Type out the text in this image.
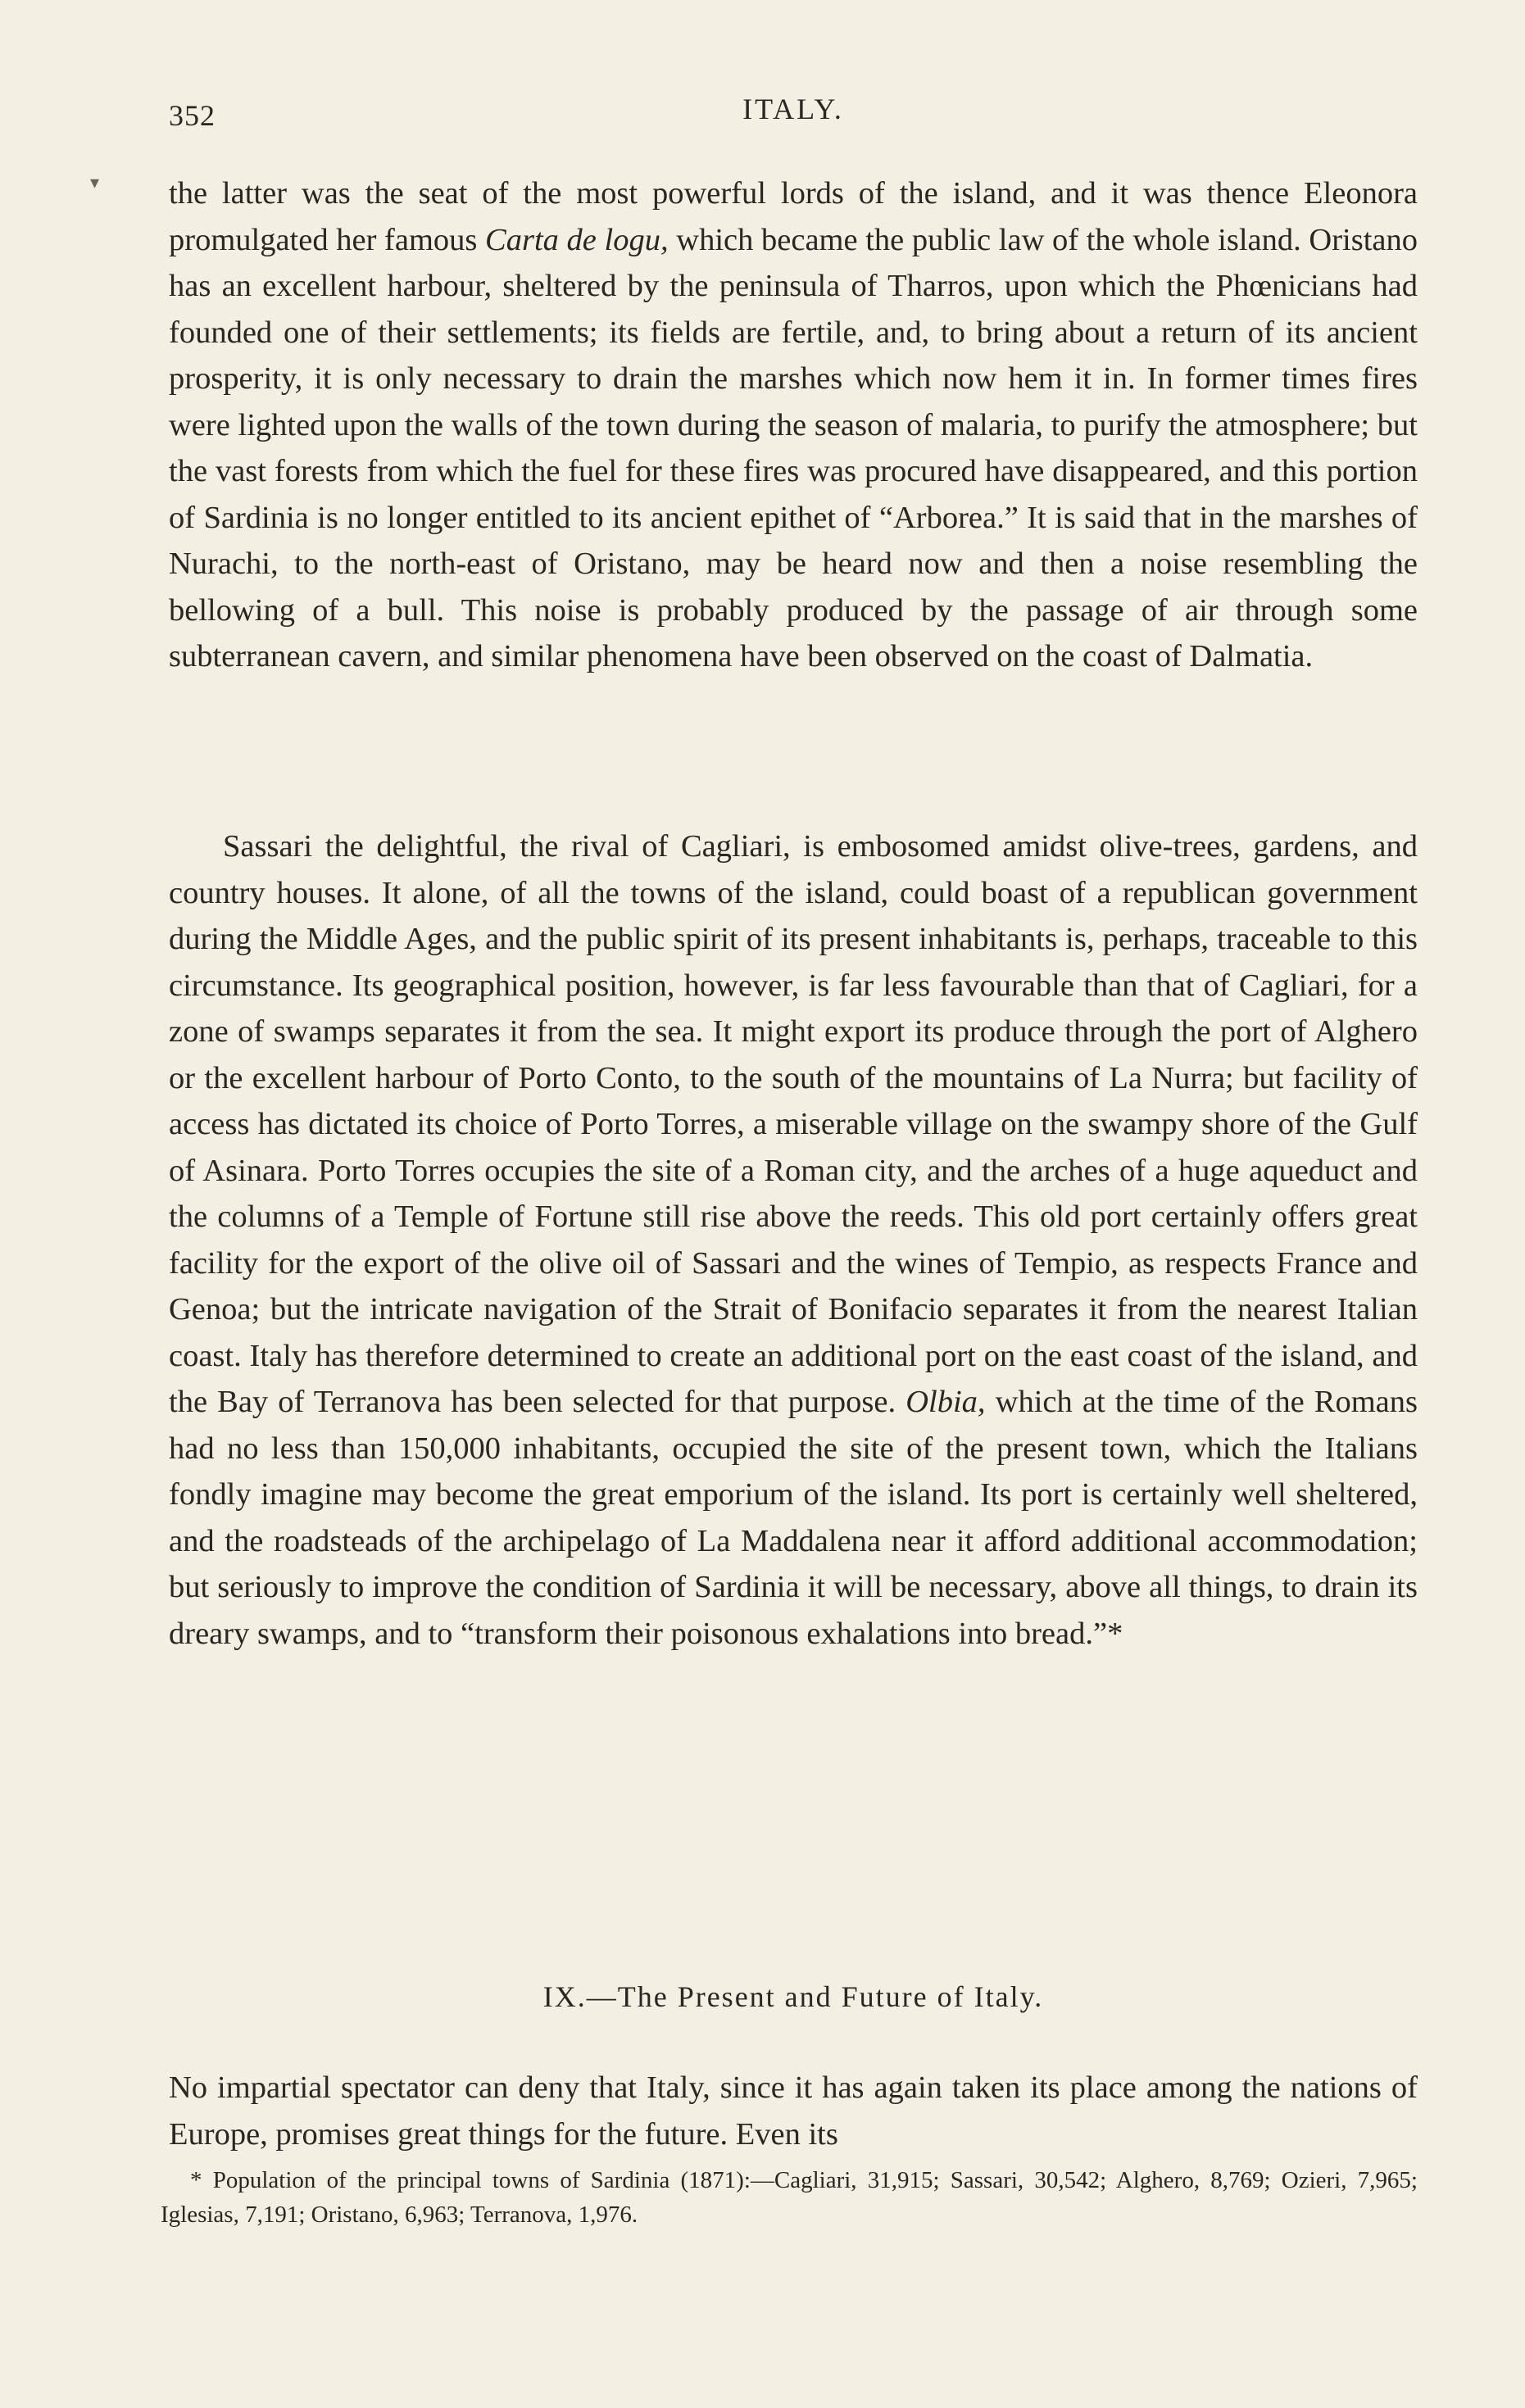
352	ITALY.
▾ the latter was the seat of the most powerful lords of the island, and it was thence Eleonora promulgated her famous Carta de logu, which became the public law of the whole island. Oristano has an excellent harbour, sheltered by the peninsula of Tharros, upon which the Phœnicians had founded one of their settlements; its fields are fertile, and, to bring about a return of its ancient prosperity, it is only necessary to drain the marshes which now hem it in. In former times fires were lighted upon the walls of the town during the season of malaria, to purify the atmosphere; but the vast forests from which the fuel for these fires was procured have disappeared, and this portion of Sardinia is no longer entitled to its ancient epithet of “Arborea.” It is said that in the marshes of Nurachi, to the north-east of Oristano, may be heard now and then a noise resembling the bellowing of a bull. This noise is probably produced by the passage of air through some subterranean cavern, and similar phenomena have been observed on the coast of Dalmatia.

Sassari the delightful, the rival of Cagliari, is embosomed amidst olive-trees, gardens, and country houses. It alone, of all the towns of the island, could boast of a republican government during the Middle Ages, and the public spirit of its present inhabitants is, perhaps, traceable to this circumstance. Its geographical position, however, is far less favourable than that of Cagliari, for a zone of swamps separates it from the sea. It might export its produce through the port of Alghero or the excellent harbour of Porto Conto, to the south of the mountains of La Nurra; but facility of access has dictated its choice of Porto Torres, a miserable village on the swampy shore of the Gulf of Asinara. Porto Torres occupies the site of a Roman city, and the arches of a huge aqueduct and the columns of a Temple of Fortune still rise above the reeds. This old port certainly offers great facility for the export of the olive oil of Sassari and the wines of Tempio, as respects France and Genoa; but the intricate navigation of the Strait of Bonifacio separates it from the nearest Italian coast. Italy has therefore determined to create an additional port on the east coast of the island, and the Bay of Terranova has been selected for that purpose. Olbia, which at the time of the Romans had no less than 150,000 inhabitants, occupied the site of the present town, which the Italians fondly imagine may become the great emporium of the island. Its port is certainly well sheltered, and the roadsteads of the archipelago of La Maddalena near it afford additional accommodation; but seriously to improve the condition of Sardinia it will be necessary, above all things, to drain its dreary swamps, and to “transform their poisonous exhalations into bread.”*

IX.—The Present and Future of Italy.

No impartial spectator can deny that Italy, since it has again taken its place among the nations of Europe, promises great things for the future. Even its

* Population of the principal towns of Sardinia (1871):—Cagliari, 31,915; Sassari, 30,542; Alghero, 8,769; Ozieri, 7,965; Iglesias, 7,191; Oristano, 6,963; Terranova, 1,976.
